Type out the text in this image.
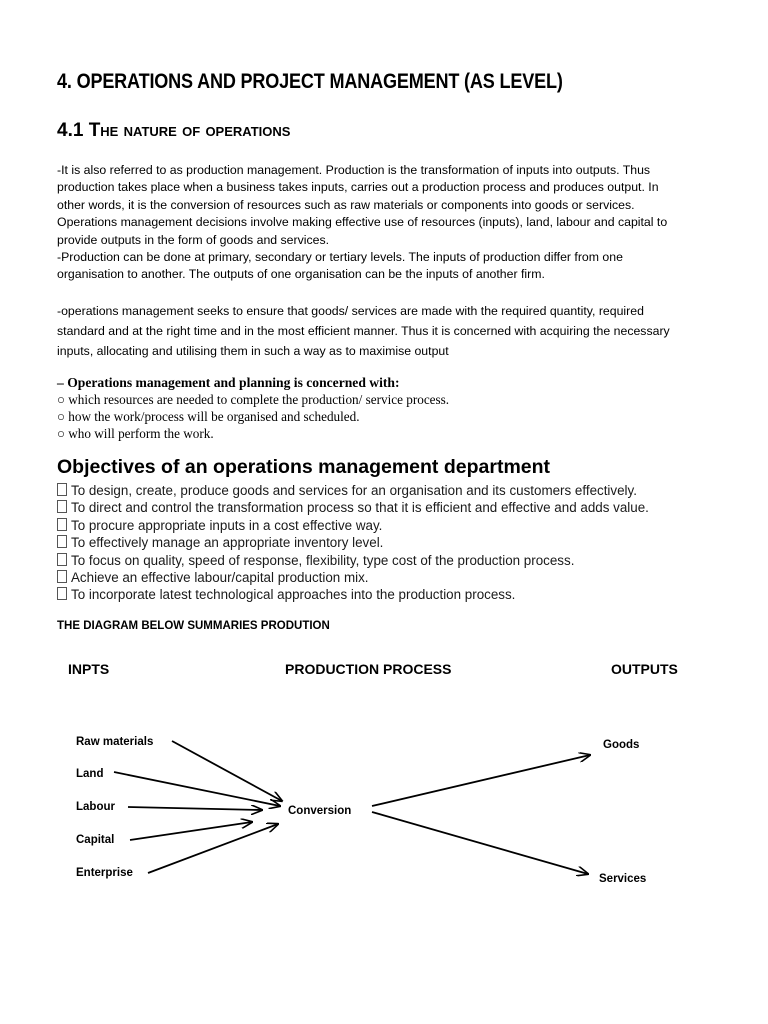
4. OPERATIONS AND PROJECT MANAGEMENT (AS LEVEL)
4.1 The nature of operations
-It is also referred to as production management. Production is the transformation of inputs into outputs. Thus
production takes place when a business takes inputs, carries out a production process and produces output. In
other words, it is the conversion of resources such as raw materials or components into goods or services.
Operations management decisions involve making effective use of resources (inputs), land, labour and capital to
provide outputs in the form of goods and services.
-Production can be done at primary, secondary or tertiary levels. The inputs of production differ from one
organisation to another. The outputs of one organisation can be the inputs of another firm.
-operations management seeks to ensure that goods/ services are made with the required quantity, required
standard and at the right time and in the most efficient manner. Thus it is concerned with acquiring the necessary
inputs, allocating and utilising them in such a way as to maximise output
– Operations management and planning is concerned with:
○ which resources are needed to complete the production/ service process.
○ how the work/process will be organised and scheduled.
○ who will perform the work.
Objectives of an operations management department
To design, create, produce goods and services for an organisation and its customers effectively.
To direct and control the transformation process so that it is efficient and effective and adds value.
To procure appropriate inputs in a cost effective way.
To effectively manage an appropriate inventory level.
To focus on quality, speed of response, flexibility, type cost of the production process.
Achieve an effective labour/capital production mix.
To incorporate latest technological approaches into the production process.
THE DIAGRAM BELOW SUMMARIES PRODUTION
INPTS	PRODUCTION PROCESS	OUTPUTS
Raw materials
Land
Labour
Capital
Enterprise
Conversion
Goods
Services
